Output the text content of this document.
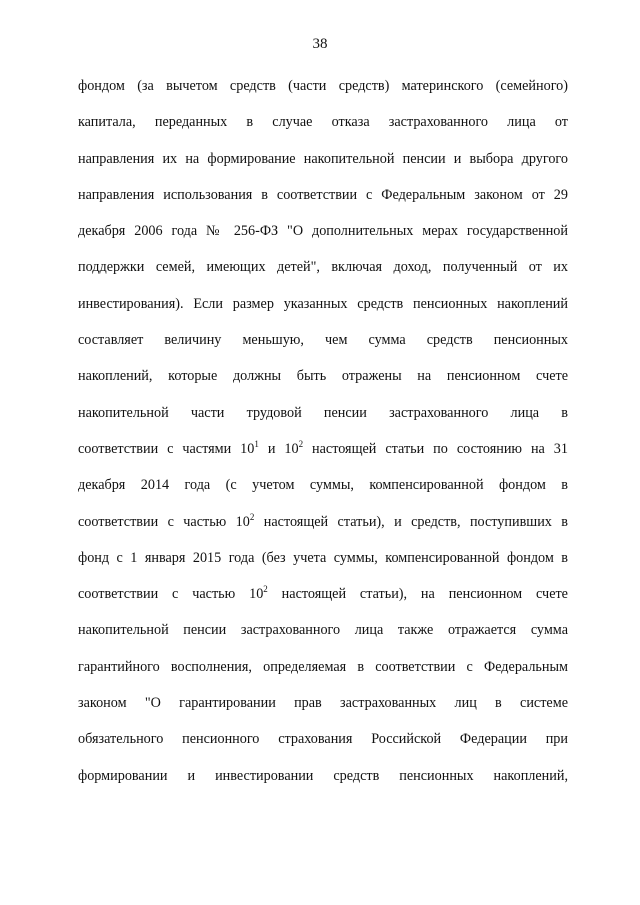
38
фондом (за вычетом средств (части средств) материнского (семейного)
капитала, переданных в случае отказа застрахованного лица от
направления их на формирование накопительной пенсии и выбора другого
направления использования в соответствии с Федеральным законом от 29
декабря 2006 года № 256-ФЗ "О дополнительных мерах государственной
поддержки семей, имеющих детей", включая доход, полученный от их
инвестирования). Если размер указанных средств пенсионных накоплений
составляет величину меньшую, чем сумма средств пенсионных
накоплений, которые должны быть отражены на пенсионном счете
накопительной части трудовой пенсии застрахованного лица в
соответствии с частями $10^1$ и $10^2$ настоящей статьи по состоянию на 31
декабря 2014 года (с учетом суммы, компенсированной фондом в
соответствии с частью $10^2$ настоящей статьи), и средств, поступивших в
фонд с 1 января 2015 года (без учета суммы, компенсированной фондом в
соответствии с частью $10^2$ настоящей статьи), на пенсионном счете
накопительной пенсии застрахованного лица также отражается сумма
гарантийного восполнения, определяемая в соответствии с Федеральным
законом "О гарантировании прав застрахованных лиц в системе
обязательного пенсионного страхования Российской Федерации при
формировании и инвестировании средств пенсионных накоплений,
